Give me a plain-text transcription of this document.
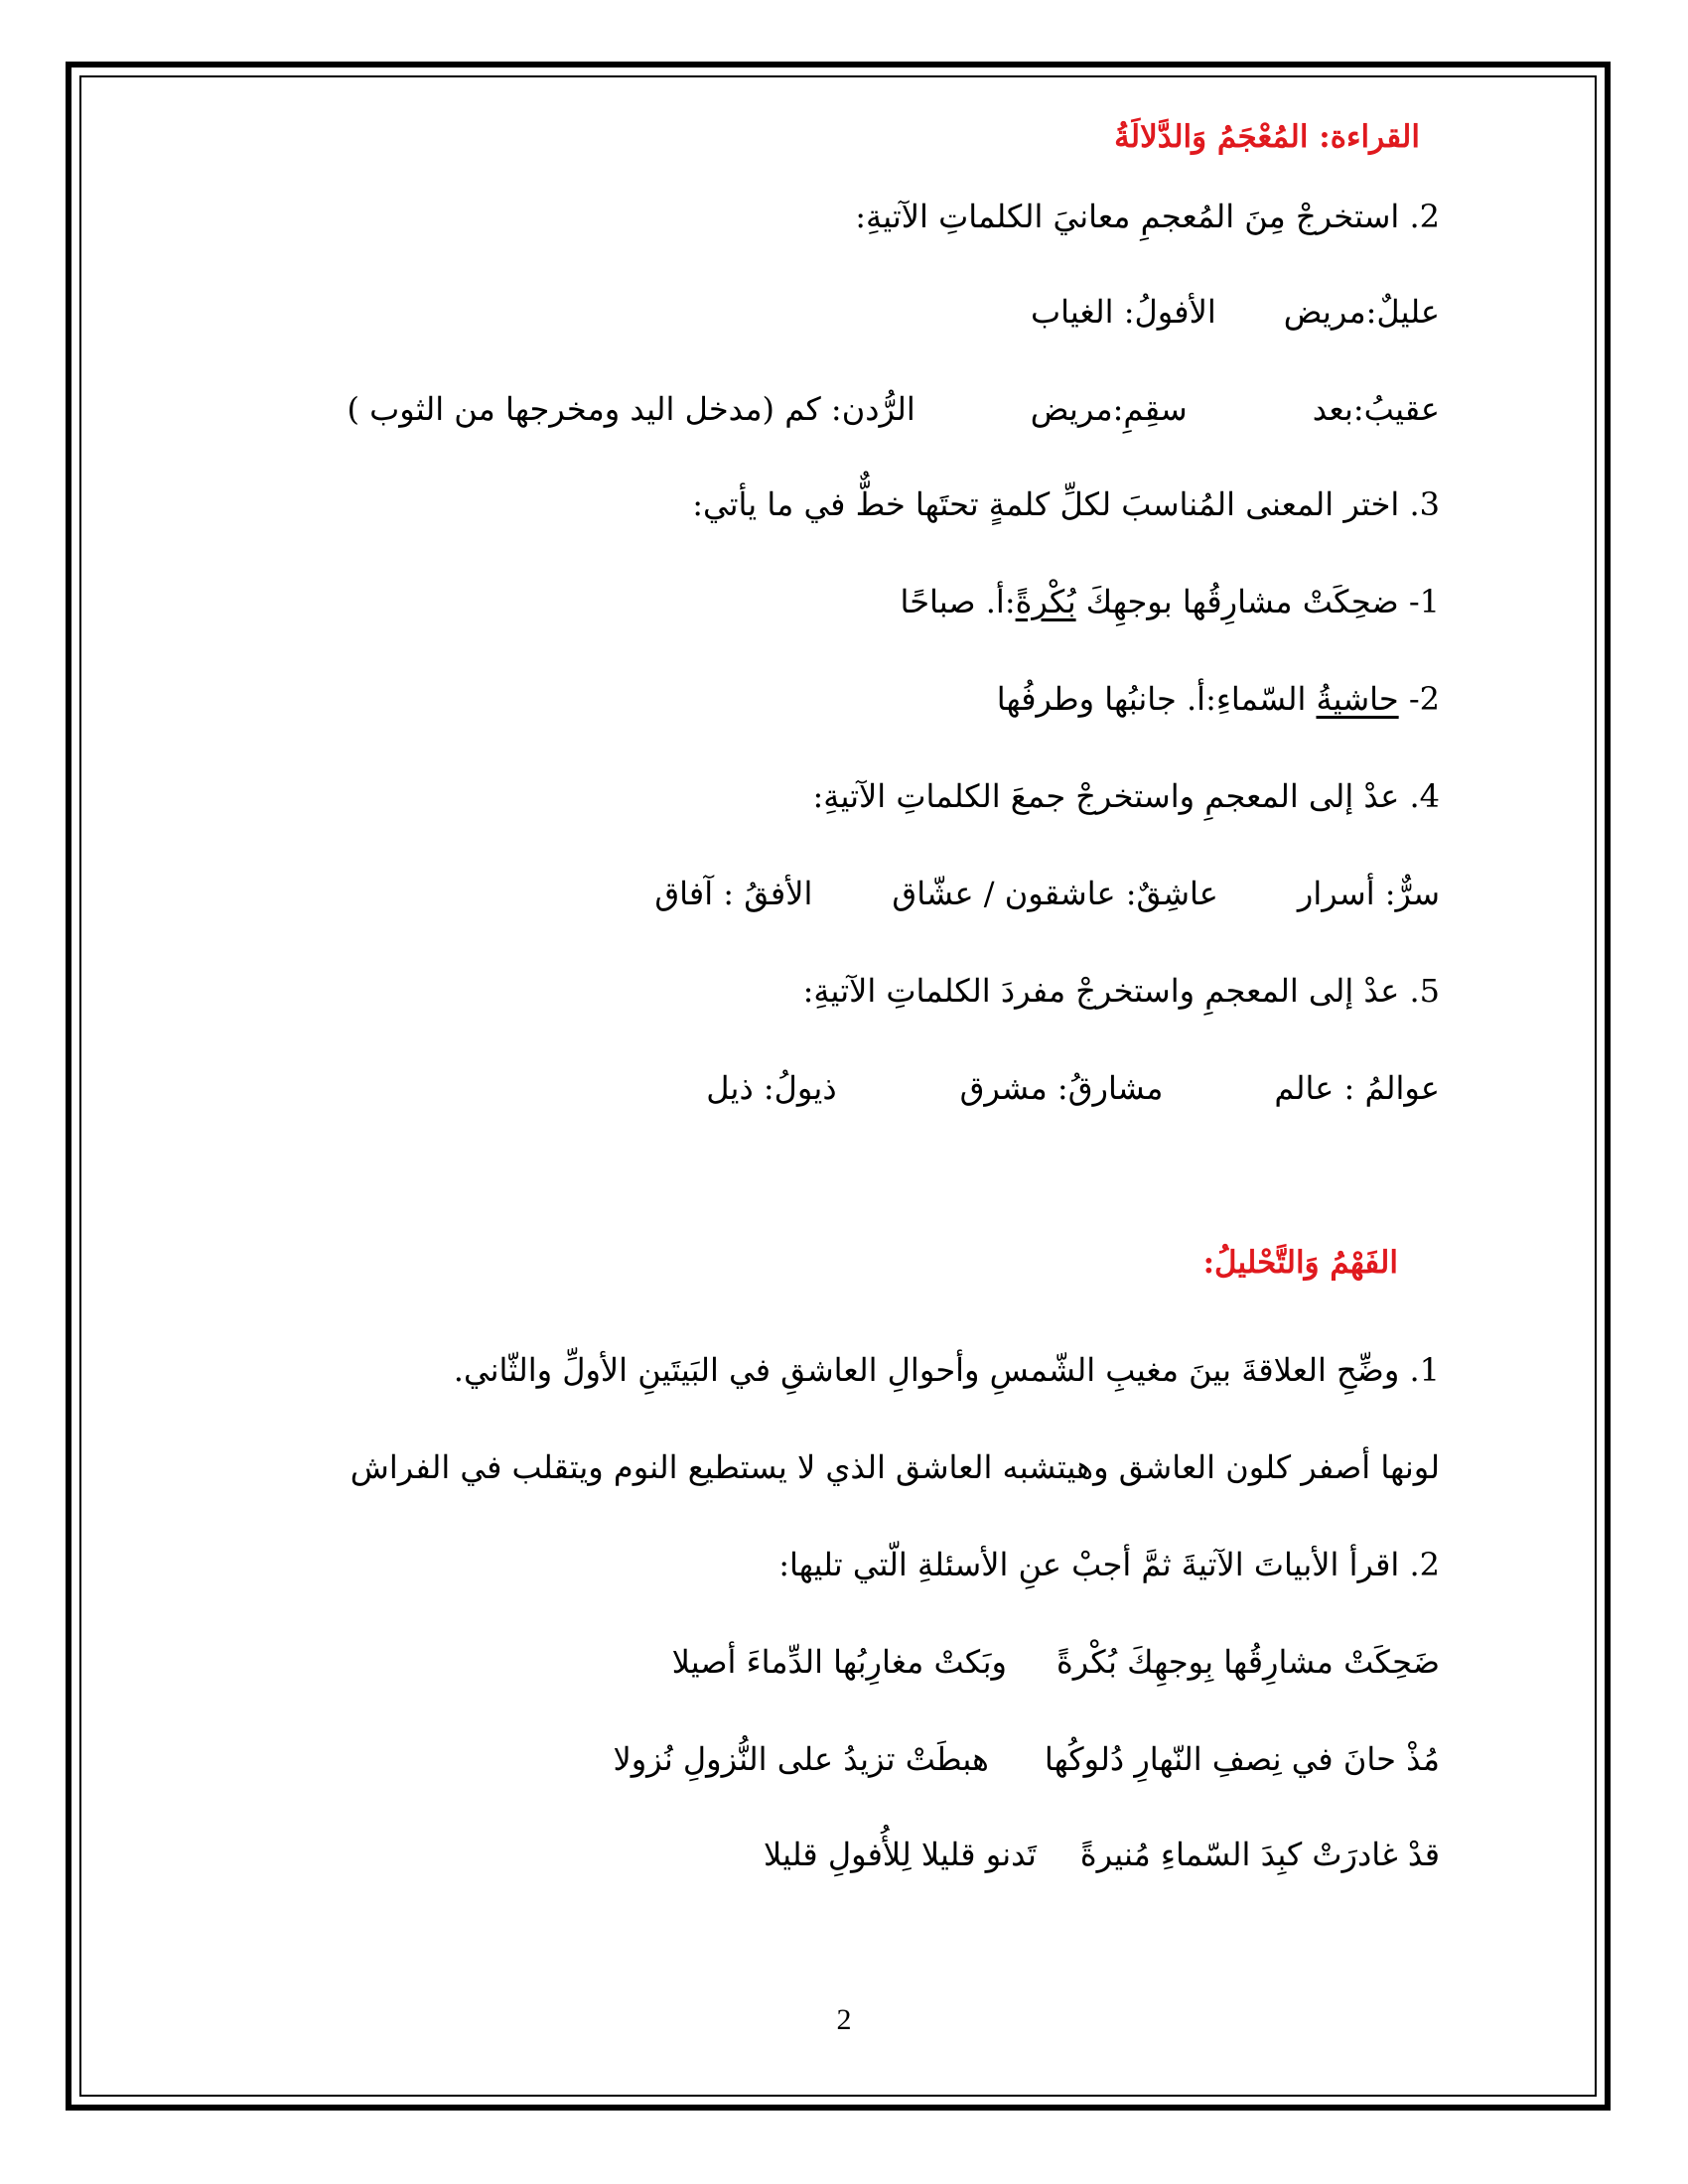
القراءة: المُعْجَمُ وَالدَّلالَةُ
2. استخرجْ مِنَ المُعجمِ معانيَ الكلماتِ الآتيةِ:
عليلٌ:مريض
الأفولُ: الغياب
عقيبُ:بعد
سقِمِ:مريض
الرُّدن: كم (مدخل اليد ومخرجها من الثوب )
3. اختر المعنى المُناسبَ لكلِّ كلمةٍ تحتَها خطٌّ في ما يأتي:
1- ضحِكَتْ مشارِقُها بوجهِكَ بُكْرةً:أ. صباحًا
2- حاشيةُ السّماءِ:أ. جانبُها وطرفُها
4. عدْ إلى المعجمِ واستخرجْ جمعَ الكلماتِ الآتيةِ:
سرٌّ: أسرار
عاشِقٌ: عاشقون / عشّاق
الأفقُ : آفاق
5. عدْ إلى المعجمِ واستخرجْ مفردَ الكلماتِ الآتيةِ:
عوالمُ : عالم
مشارقُ: مشرق
ذيولُ: ذيل
الفَهْمُ وَالتَّحْليلُ:
1. وضِّحِ العلاقةَ بينَ مغيبِ الشّمسِ وأحوالِ العاشقِ في البَيتَينِ الأولِّ والثّاني.
لونها أصفر كلون العاشق وهيتشبه العاشق الذي لا يستطيع النوم ويتقلب في الفراش
2. اقرأ الأبياتَ الآتيةَ ثمَّ أجبْ عنِ الأسئلةِ الّتي تليها:
ضَحِكَتْ مشارِقُها بِوجهِكَ بُكْرةً
وبَكتْ مغارِبُها الدِّماءَ أصيلا
مُذْ حانَ في نِصفِ النّهارِ دُلوكُها
هبطَتْ تزيدُ على النُّزولِ نُزولا
قدْ غادرَتْ كبِدَ السّماءِ مُنيرةً
تَدنو قليلا لِلأُفولِ قليلا
2
